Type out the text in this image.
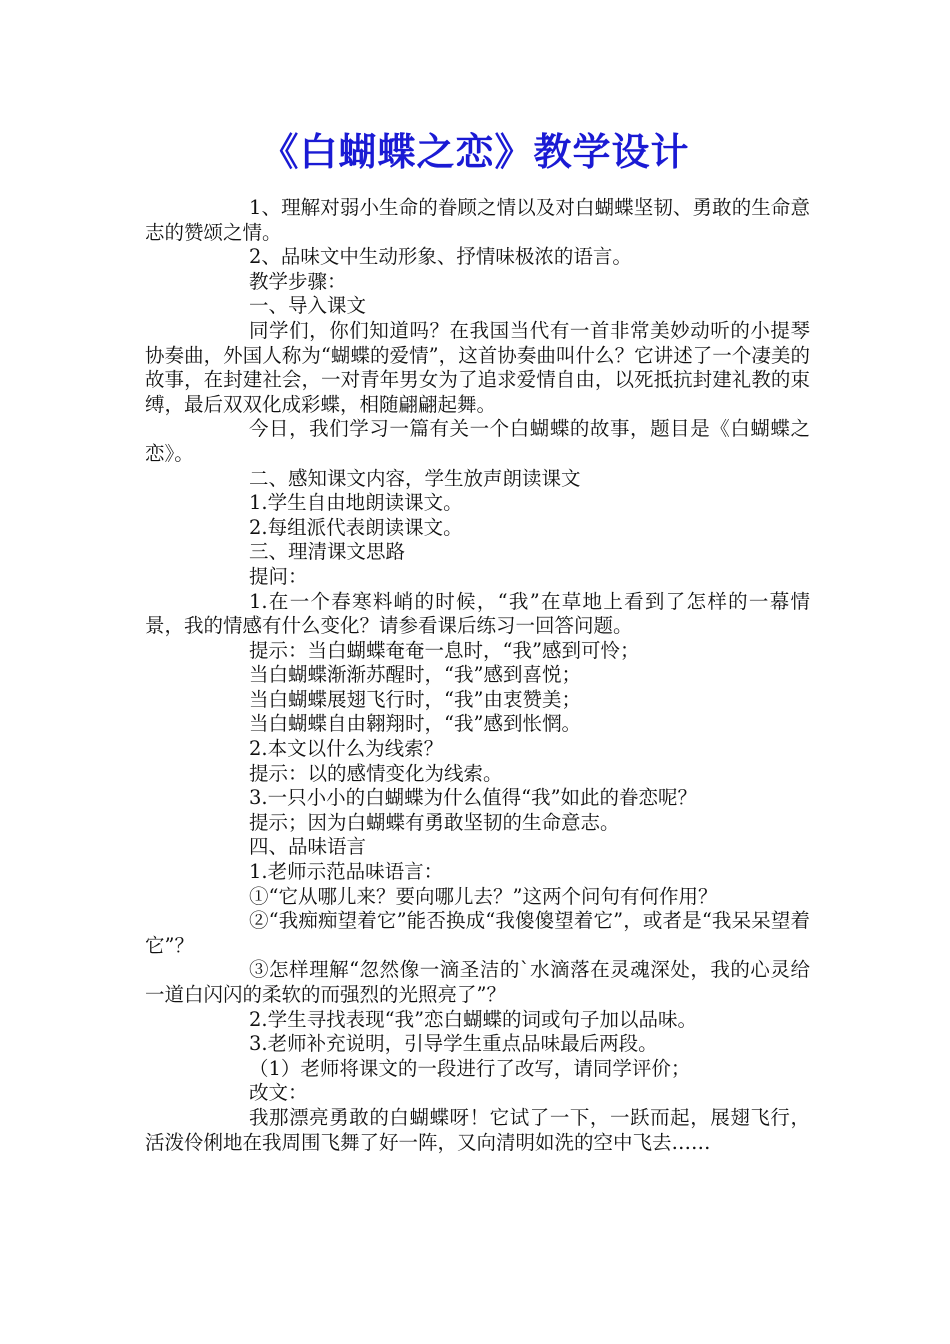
《白蝴蝶之恋》教学设计

1、理解对弱小生命的眷顾之情以及对白蝴蝶坚韧、勇敢的生命意志的赞颂之情。

2、品味文中生动形象、抒情味极浓的语言。

教学步骤：

一、导入课文

同学们，你们知道吗？在我国当代有一首非常美妙动听的小提琴协奏曲，外国人称为“蝴蝶的爱情”，这首协奏曲叫什么？它讲述了一个凄美的故事，在封建社会，一对青年男女为了追求爱情自由，以死抵抗封建礼教的束缚，最后双双化成彩蝶，相随翩翩起舞。

今日，我们学习一篇有关一个白蝴蝶的故事，题目是《白蝴蝶之恋》。

二、感知课文内容，学生放声朗读课文

1.学生自由地朗读课文。

2.每组派代表朗读课文。

三、理清课文思路

提问：

1.在一个春寒料峭的时候，“我”在草地上看到了怎样的一幕情景，我的情感有什么变化？请参看课后练习一回答问题。

提示：当白蝴蝶奄奄一息时，“我”感到可怜；

当白蝴蝶渐渐苏醒时，“我”感到喜悦；

当白蝴蝶展翅飞行时，“我”由衷赞美；

当白蝴蝶自由翱翔时，“我”感到怅惘。

2.本文以什么为线索？

提示：以的感情变化为线索。

3.一只小小的白蝴蝶为什么值得“我”如此的眷恋呢？

提示；因为白蝴蝶有勇敢坚韧的生命意志。

四、品味语言

1.老师示范品味语言：

①“它从哪儿来？要向哪儿去？”这两个问句有何作用？

②“我痴痴望着它”能否换成“我傻傻望着它”，或者是“我呆呆望着它”？

③怎样理解“忽然像一滴圣洁的`水滴落在灵魂深处，我的心灵给一道白闪闪的柔软的而强烈的光照亮了”？

2.学生寻找表现“我”恋白蝴蝶的词或句子加以品味。

3.老师补充说明，引导学生重点品味最后两段。

（1）老师将课文的一段进行了改写，请同学评价；

改文：

我那漂亮勇敢的白蝴蝶呀！它试了一下，一跃而起，展翅飞行，活泼伶俐地在我周围飞舞了好一阵，又向清明如洗的空中飞去……
